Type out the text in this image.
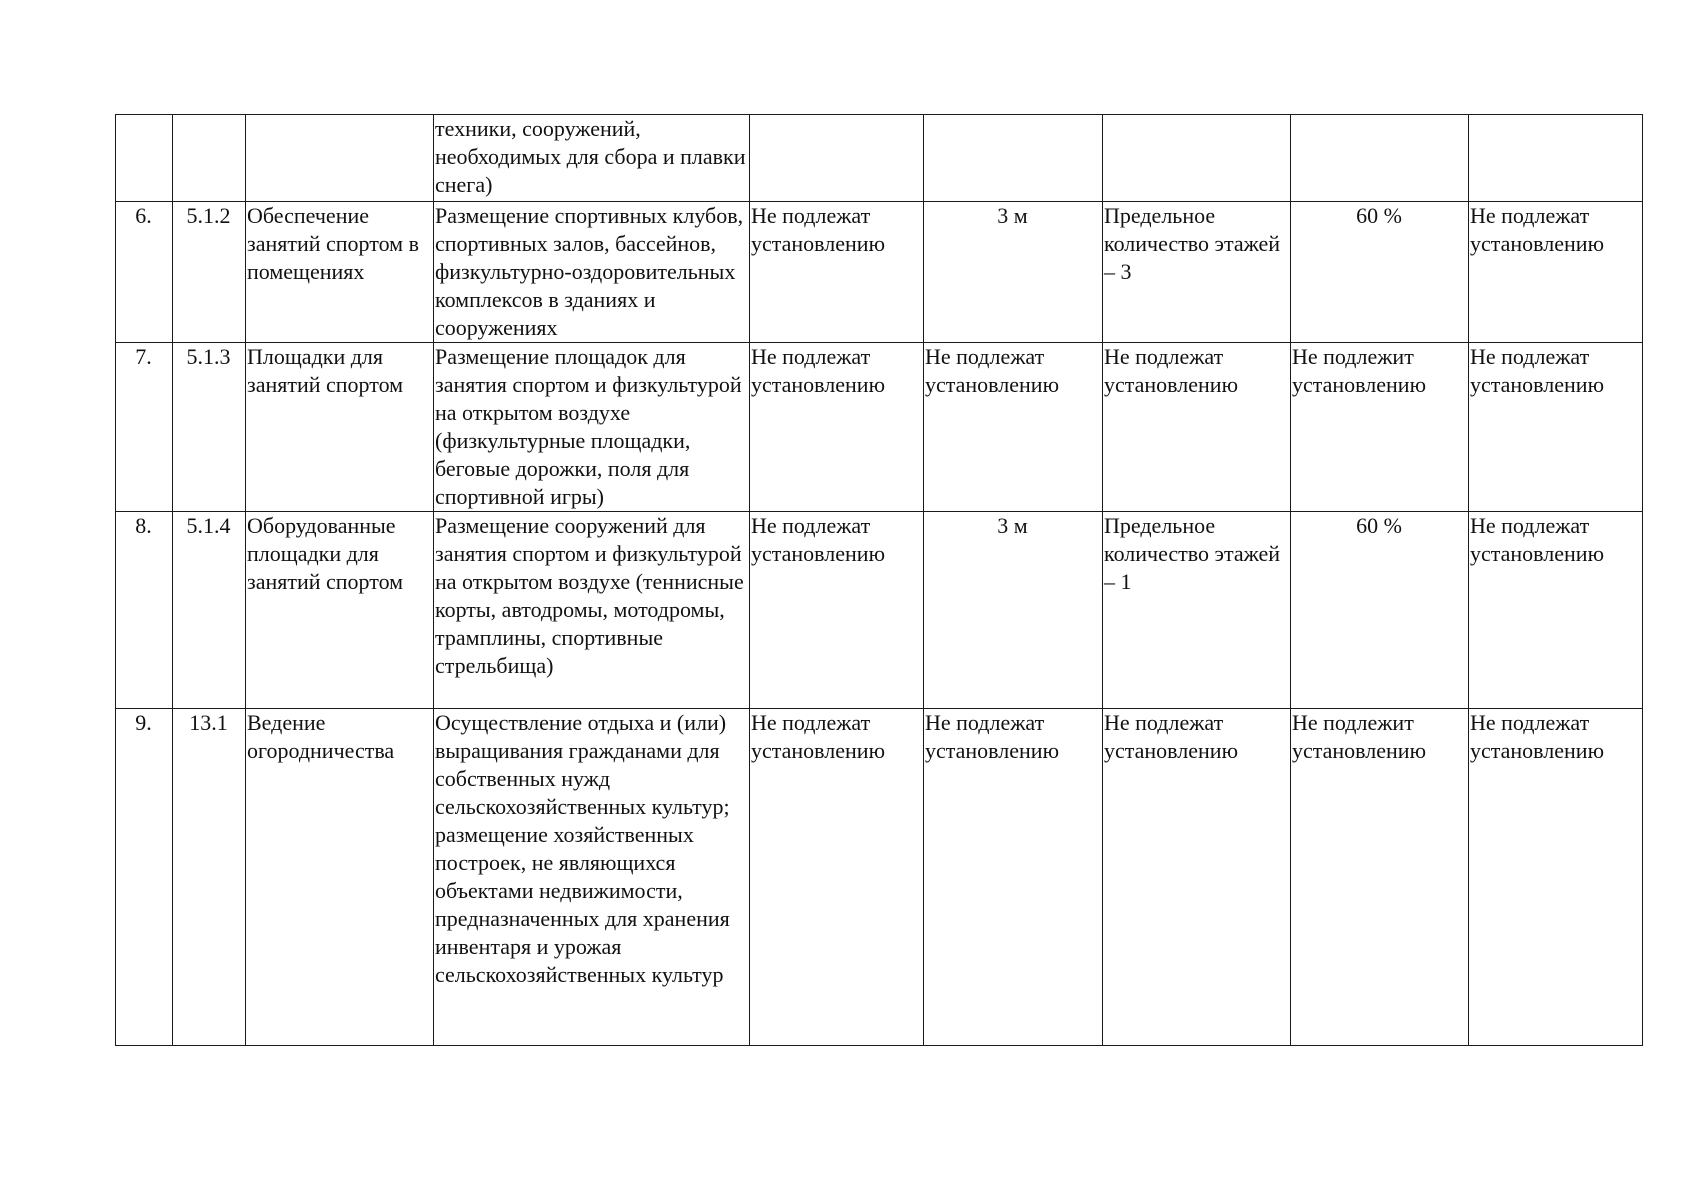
			техники, сооружений, необходимых для сбора и плавки снега)					
6.	5.1.2	Обеспечение занятий спортом в помещениях	Размещение спортивных клубов, спортивных залов, бассейнов, физкультурно-оздоровительных комплексов в зданиях и сооружениях	Не подлежат установлению	3 м	Предельное количество этажей – 3	60 %	Не подлежат установлению
7.	5.1.3	Площадки для занятий спортом	Размещение площадок для занятия спортом и физкультурой на открытом воздухе (физкультурные площадки, беговые дорожки, поля для спортивной игры)	Не подлежат установлению	Не подлежат установлению	Не подлежат установлению	Не подлежит установлению	Не подлежат установлению
8.	5.1.4	Оборудованные площадки для занятий спортом	Размещение сооружений для занятия спортом и физкультурой на открытом воздухе (теннисные корты, автодромы, мотодромы, трамплины, спортивные стрельбища)	Не подлежат установлению	3 м	Предельное количество этажей – 1	60 %	Не подлежат установлению
9.	13.1	Ведение огородничества	Осуществление отдыха и (или) выращивания гражданами для собственных нужд сельскохозяйственных культур;
размещение хозяйственных построек, не являющихся объектами недвижимости, предназначенных для хранения инвентаря и урожая сельскохозяйственных культур	Не подлежат установлению	Не подлежат установлению	Не подлежат установлению	Не подлежит установлению	Не подлежат установлению
